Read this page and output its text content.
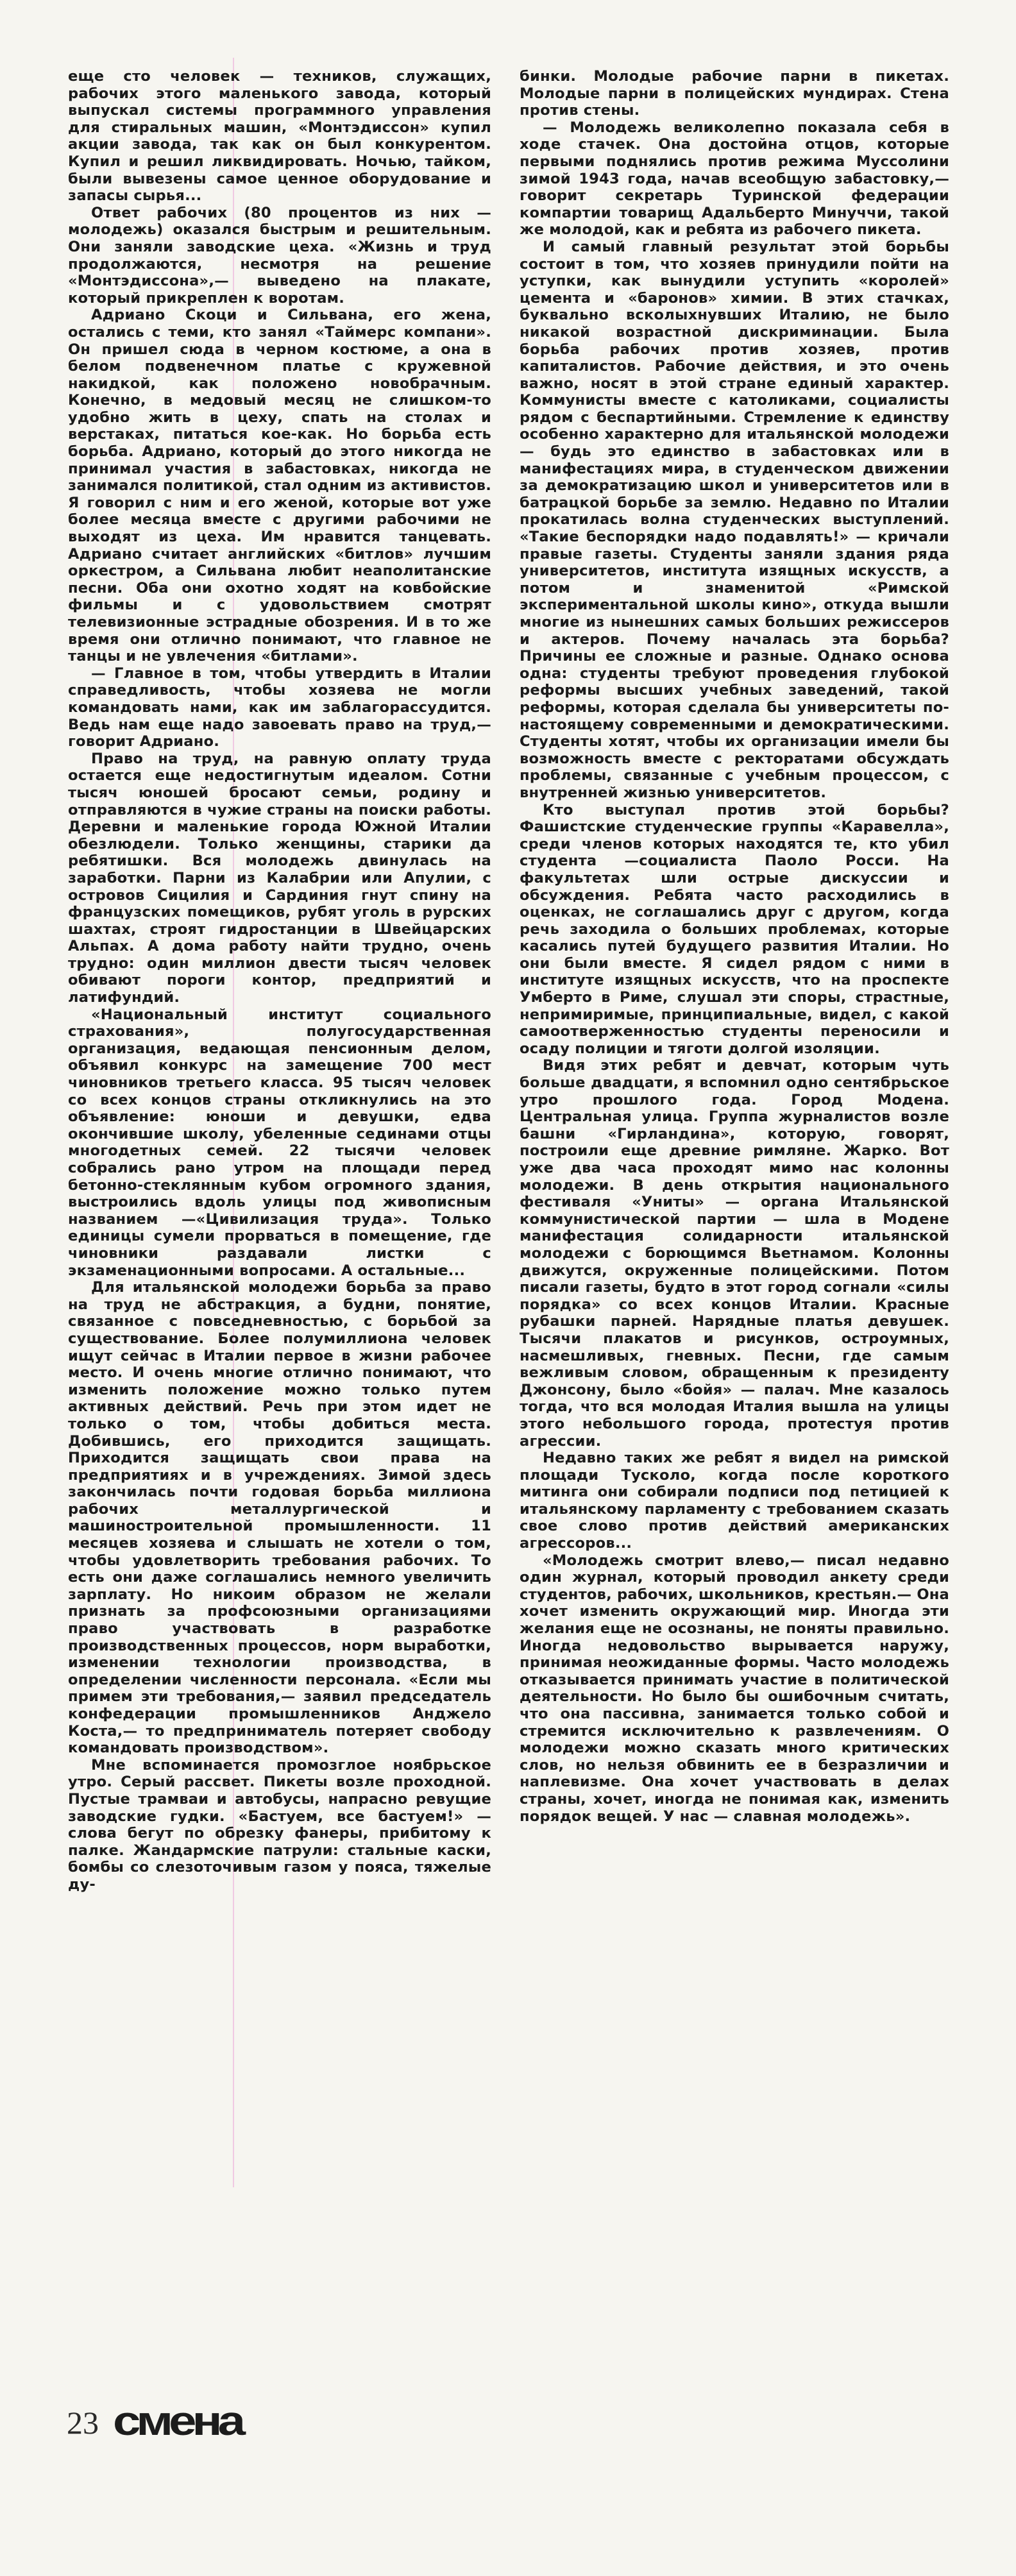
еще сто человек — техников, служащих, рабочих этого маленького завода, который выпускал системы программного управления для стиральных машин, «Монтэдиссон» купил акции завода, так как он был конкурентом. Купил и решил ликвидировать. Ночью, тайком, были вывезены самое ценное оборудование и запасы сырья...

Ответ рабочих (80 процентов из них — молодежь) оказался быстрым и решительным. Они заняли заводские цеха. «Жизнь и труд продолжаются, несмотря на решение «Монтэдиссона»,— выведено на плакате, который прикреплен к воротам.

Адриано Скоци и Сильвана, его жена, остались с теми, кто занял «Таймерс компани». Он пришел сюда в черном костюме, а она в белом подвенечном платье с кружевной накидкой, как положено новобрачным. Конечно, в медовый месяц не слишком-то удобно жить в цеху, спать на столах и верстаках, питаться кое-как. Но борьба есть борьба. Адриано, который до этого никогда не принимал участия в забастовках, никогда не занимался политикой, стал одним из активистов. Я говорил с ним и его женой, которые вот уже более месяца вместе с другими рабочими не выходят из цеха. Им нравится танцевать. Адриано считает английских «битлов» лучшим оркестром, а Сильвана любит неаполитанские песни. Оба они охотно ходят на ковбойские фильмы и с удовольствием смотрят телевизионные эстрадные обозрения. И в то же время они отлично понимают, что главное не танцы и не увлечения «битлами».

— Главное в том, чтобы утвердить в Италии справедливость, чтобы хозяева не могли командовать нами, как им заблагорассудится. Ведь нам еще надо завоевать право на труд,— говорит Адриано.

Право на труд, на равную оплату труда остается еще недостигнутым идеалом. Сотни тысяч юношей бросают семьи, родину и отправляются в чужие страны на поиски работы. Деревни и маленькие города Южной Италии обезлюдели. Только женщины, старики да ребятишки. Вся молодежь двинулась на заработки. Парни из Калабрии или Апулии, с островов Сицилия и Сардиния гнут спину на французских помещиков, рубят уголь в рурских шахтах, строят гидростанции в Швейцарских Альпах. А дома работу найти трудно, очень трудно: один миллион двести тысяч человек обивают пороги контор, предприятий и латифундий.

«Национальный институт социального страхования», полугосударственная организация, ведающая пенсионным делом, объявил конкурс на замещение 700 мест чиновников третьего класса. 95 тысяч человек со всех концов страны откликнулись на это объявление: юноши и девушки, едва окончившие школу, убеленные сединами отцы многодетных семей. 22 тысячи человек собрались рано утром на площади перед бетонно-стеклянным кубом огромного здания, выстроились вдоль улицы под живописным названием —«Цивилизация труда». Только единицы сумели прорваться в помещение, где чиновники раздавали листки с экзаменационными вопросами. А остальные...

Для итальянской молодежи борьба за право на труд не абстракция, а будни, понятие, связанное с повседневностью, с борьбой за существование. Более полумиллиона человек ищут сейчас в Италии первое в жизни рабочее место. И очень многие отлично понимают, что изменить положение можно только путем активных действий. Речь при этом идет не только о том, чтобы добиться места. Добившись, его приходится защищать. Приходится защищать свои права на предприятиях и в учреждениях. Зимой здесь закончилась почти годовая борьба миллиона рабочих металлургической и машиностроительной промышленности. 11 месяцев хозяева и слышать не хотели о том, чтобы удовлетворить требования рабочих. То есть они даже соглашались немного увеличить зарплату. Но никоим образом не желали признать за профсоюзными организациями право участвовать в разработке производственных процессов, норм выработки, изменении технологии производства, в определении численности персонала. «Если мы примем эти требования,— заявил председатель конфедерации промышленников Анджело Коста,— то предприниматель потеряет свободу командовать производством».

Мне вспоминается промозглое ноябрьское утро. Серый рассвет. Пикеты возле проходной. Пустые трамваи и автобусы, напрасно ревущие заводские гудки. «Бастуем, все бастуем!» — слова бегут по обрезку фанеры, прибитому к палке. Жандармские патрули: стальные каски, бомбы со слезоточивым газом у пояса, тяжелые ду-

бинки. Молодые рабочие парни в пикетах. Молодые парни в полицейских мундирах. Стена против стены.

— Молодежь великолепно показала себя в ходе стачек. Она достойна отцов, которые первыми поднялись против режима Муссолини зимой 1943 года, начав всеобщую забастовку,— говорит секретарь Туринской федерации компартии товарищ Адальберто Минуччи, такой же молодой, как и ребята из рабочего пикета.

И самый главный результат этой борьбы состоит в том, что хозяев принудили пойти на уступки, как вынудили уступить «королей» цемента и «баронов» химии. В этих стачках, буквально всколыхнувших Италию, не было никакой возрастной дискриминации. Была борьба рабочих против хозяев, против капиталистов. Рабочие действия, и это очень важно, носят в этой стране единый характер. Коммунисты вместе с католиками, социалисты рядом с беспартийными. Стремление к единству особенно характерно для итальянской молодежи — будь это единство в забастовках или в манифестациях мира, в студенческом движении за демократизацию школ и университетов или в батрацкой борьбе за землю. Недавно по Италии прокатилась волна студенческих выступлений. «Такие беспорядки надо подавлять!» — кричали правые газеты. Студенты заняли здания ряда университетов, института изящных искусств, а потом и знаменитой «Римской экспериментальной школы кино», откуда вышли многие из нынешних самых больших режиссеров и актеров. Почему началась эта борьба? Причины ее сложные и разные. Однако основа одна: студенты требуют проведения глубокой реформы высших учебных заведений, такой реформы, которая сделала бы университеты по-настоящему современными и демократическими. Студенты хотят, чтобы их организации имели бы возможность вместе с ректоратами обсуждать проблемы, связанные с учебным процессом, с внутренней жизнью университетов.

Кто выступал против этой борьбы? Фашистские студенческие группы «Каравелла», среди членов которых находятся те, кто убил студента —социалиста Паоло Росси. На факультетах шли острые дискуссии и обсуждения. Ребята часто расходились в оценках, не соглашались друг с другом, когда речь заходила о больших проблемах, которые касались путей будущего развития Италии. Но они были вместе. Я сидел рядом с ними в институте изящных искусств, что на проспекте Умберто в Риме, слушал эти споры, страстные, непримиримые, принципиальные, видел, с какой самоотверженностью студенты переносили и осаду полиции и тяготи долгой изоляции.

Видя этих ребят и девчат, которым чуть больше двадцати, я вспомнил одно сентябрьское утро прошлого года. Город Модена. Центральная улица. Группа журналистов возле башни «Гирландина», которую, говорят, построили еще древние римляне. Жарко. Вот уже два часа проходят мимо нас колонны молодежи. В день открытия национального фестиваля «Униты» — органа Итальянской коммунистической партии — шла в Модене манифестация солидарности итальянской молодежи с борющимся Вьетнамом. Колонны движутся, окруженные полицейскими. Потом писали газеты, будто в этот город согнали «силы порядка» со всех концов Италии. Красные рубашки парней. Нарядные платья девушек. Тысячи плакатов и рисунков, остроумных, насмешливых, гневных. Песни, где самым вежливым словом, обращенным к президенту Джонсону, было «бойя» — палач. Мне казалось тогда, что вся молодая Италия вышла на улицы этого небольшого города, протестуя против агрессии.

Недавно таких же ребят я видел на римской площади Тусколо, когда после короткого митинга они собирали подписи под петицией к итальянскому парламенту с требованием сказать свое слово против действий американских агрессоров...

«Молодежь смотрит влево,— писал недавно один журнал, который проводил анкету среди студентов, рабочих, школьников, крестьян.— Она хочет изменить окружающий мир. Иногда эти желания еще не осознаны, не поняты правильно. Иногда недовольство вырывается наружу, принимая неожиданные формы. Часто молодежь отказывается принимать участие в политической деятельности. Но было бы ошибочным считать, что она пассивна, занимается только собой и стремится исключительно к развлечениям. О молодежи можно сказать много критических слов, но нельзя обвинить ее в безразличии и наплевизме. Она хочет участвовать в делах страны, хочет, иногда не понимая как, изменить порядок вещей. У нас — славная молодежь».

23 смена
